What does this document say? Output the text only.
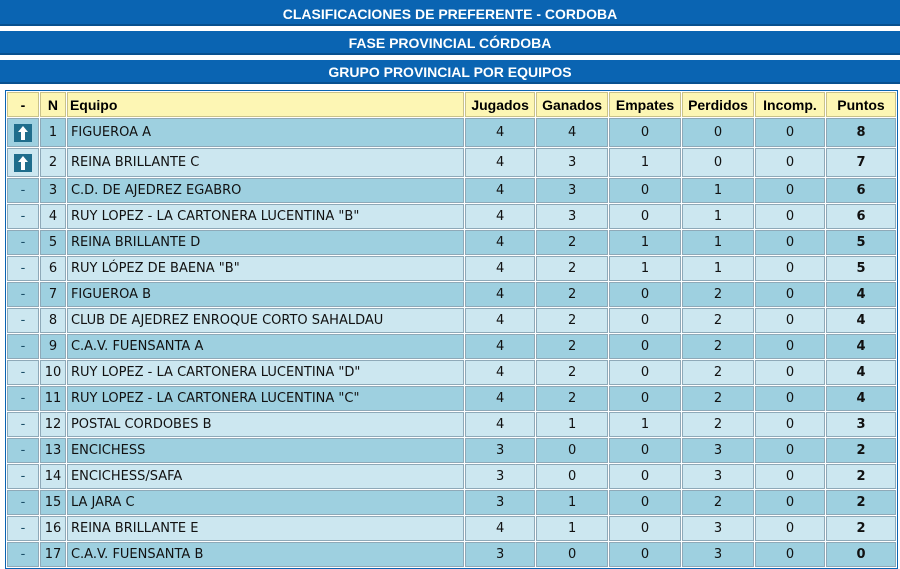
CLASIFICACIONES DE PREFERENTE - CORDOBA
FASE PROVINCIAL CÓRDOBA
GRUPO PROVINCIAL POR EQUIPOS
-	N	Equipo	Jugados	Ganados	Empates	Perdidos	Incomp.	Puntos

	1	FIGUEROA A	4	4	0	0	0	8

	2	REINA BRILLANTE C	4	3	1	0	0	7
-	3	C.D. DE AJEDREZ EGABRO	4	3	0	1	0	6
-	4	RUY LOPEZ - LA CARTONERA LUCENTINA "B"	4	3	0	1	0	6
-	5	REINA BRILLANTE D	4	2	1	1	0	5
-	6	RUY LÓPEZ DE BAENA "B"	4	2	1	1	0	5
-	7	FIGUEROA B	4	2	0	2	0	4
-	8	CLUB DE AJEDREZ ENROQUE CORTO SAHALDAU	4	2	0	2	0	4
-	9	C.A.V. FUENSANTA A	4	2	0	2	0	4
-	10	RUY LOPEZ - LA CARTONERA LUCENTINA "D"	4	2	0	2	0	4
-	11	RUY LOPEZ - LA CARTONERA LUCENTINA "C"	4	2	0	2	0	4
-	12	POSTAL CORDOBES B	4	1	1	2	0	3
-	13	ENCICHESS	3	0	0	3	0	2
-	14	ENCICHESS/SAFA	3	0	0	3	0	2
-	15	LA JARA C	3	1	0	2	0	2
-	16	REINA BRILLANTE E	4	1	0	3	0	2
-	17	C.A.V. FUENSANTA B	3	0	0	3	0	0
